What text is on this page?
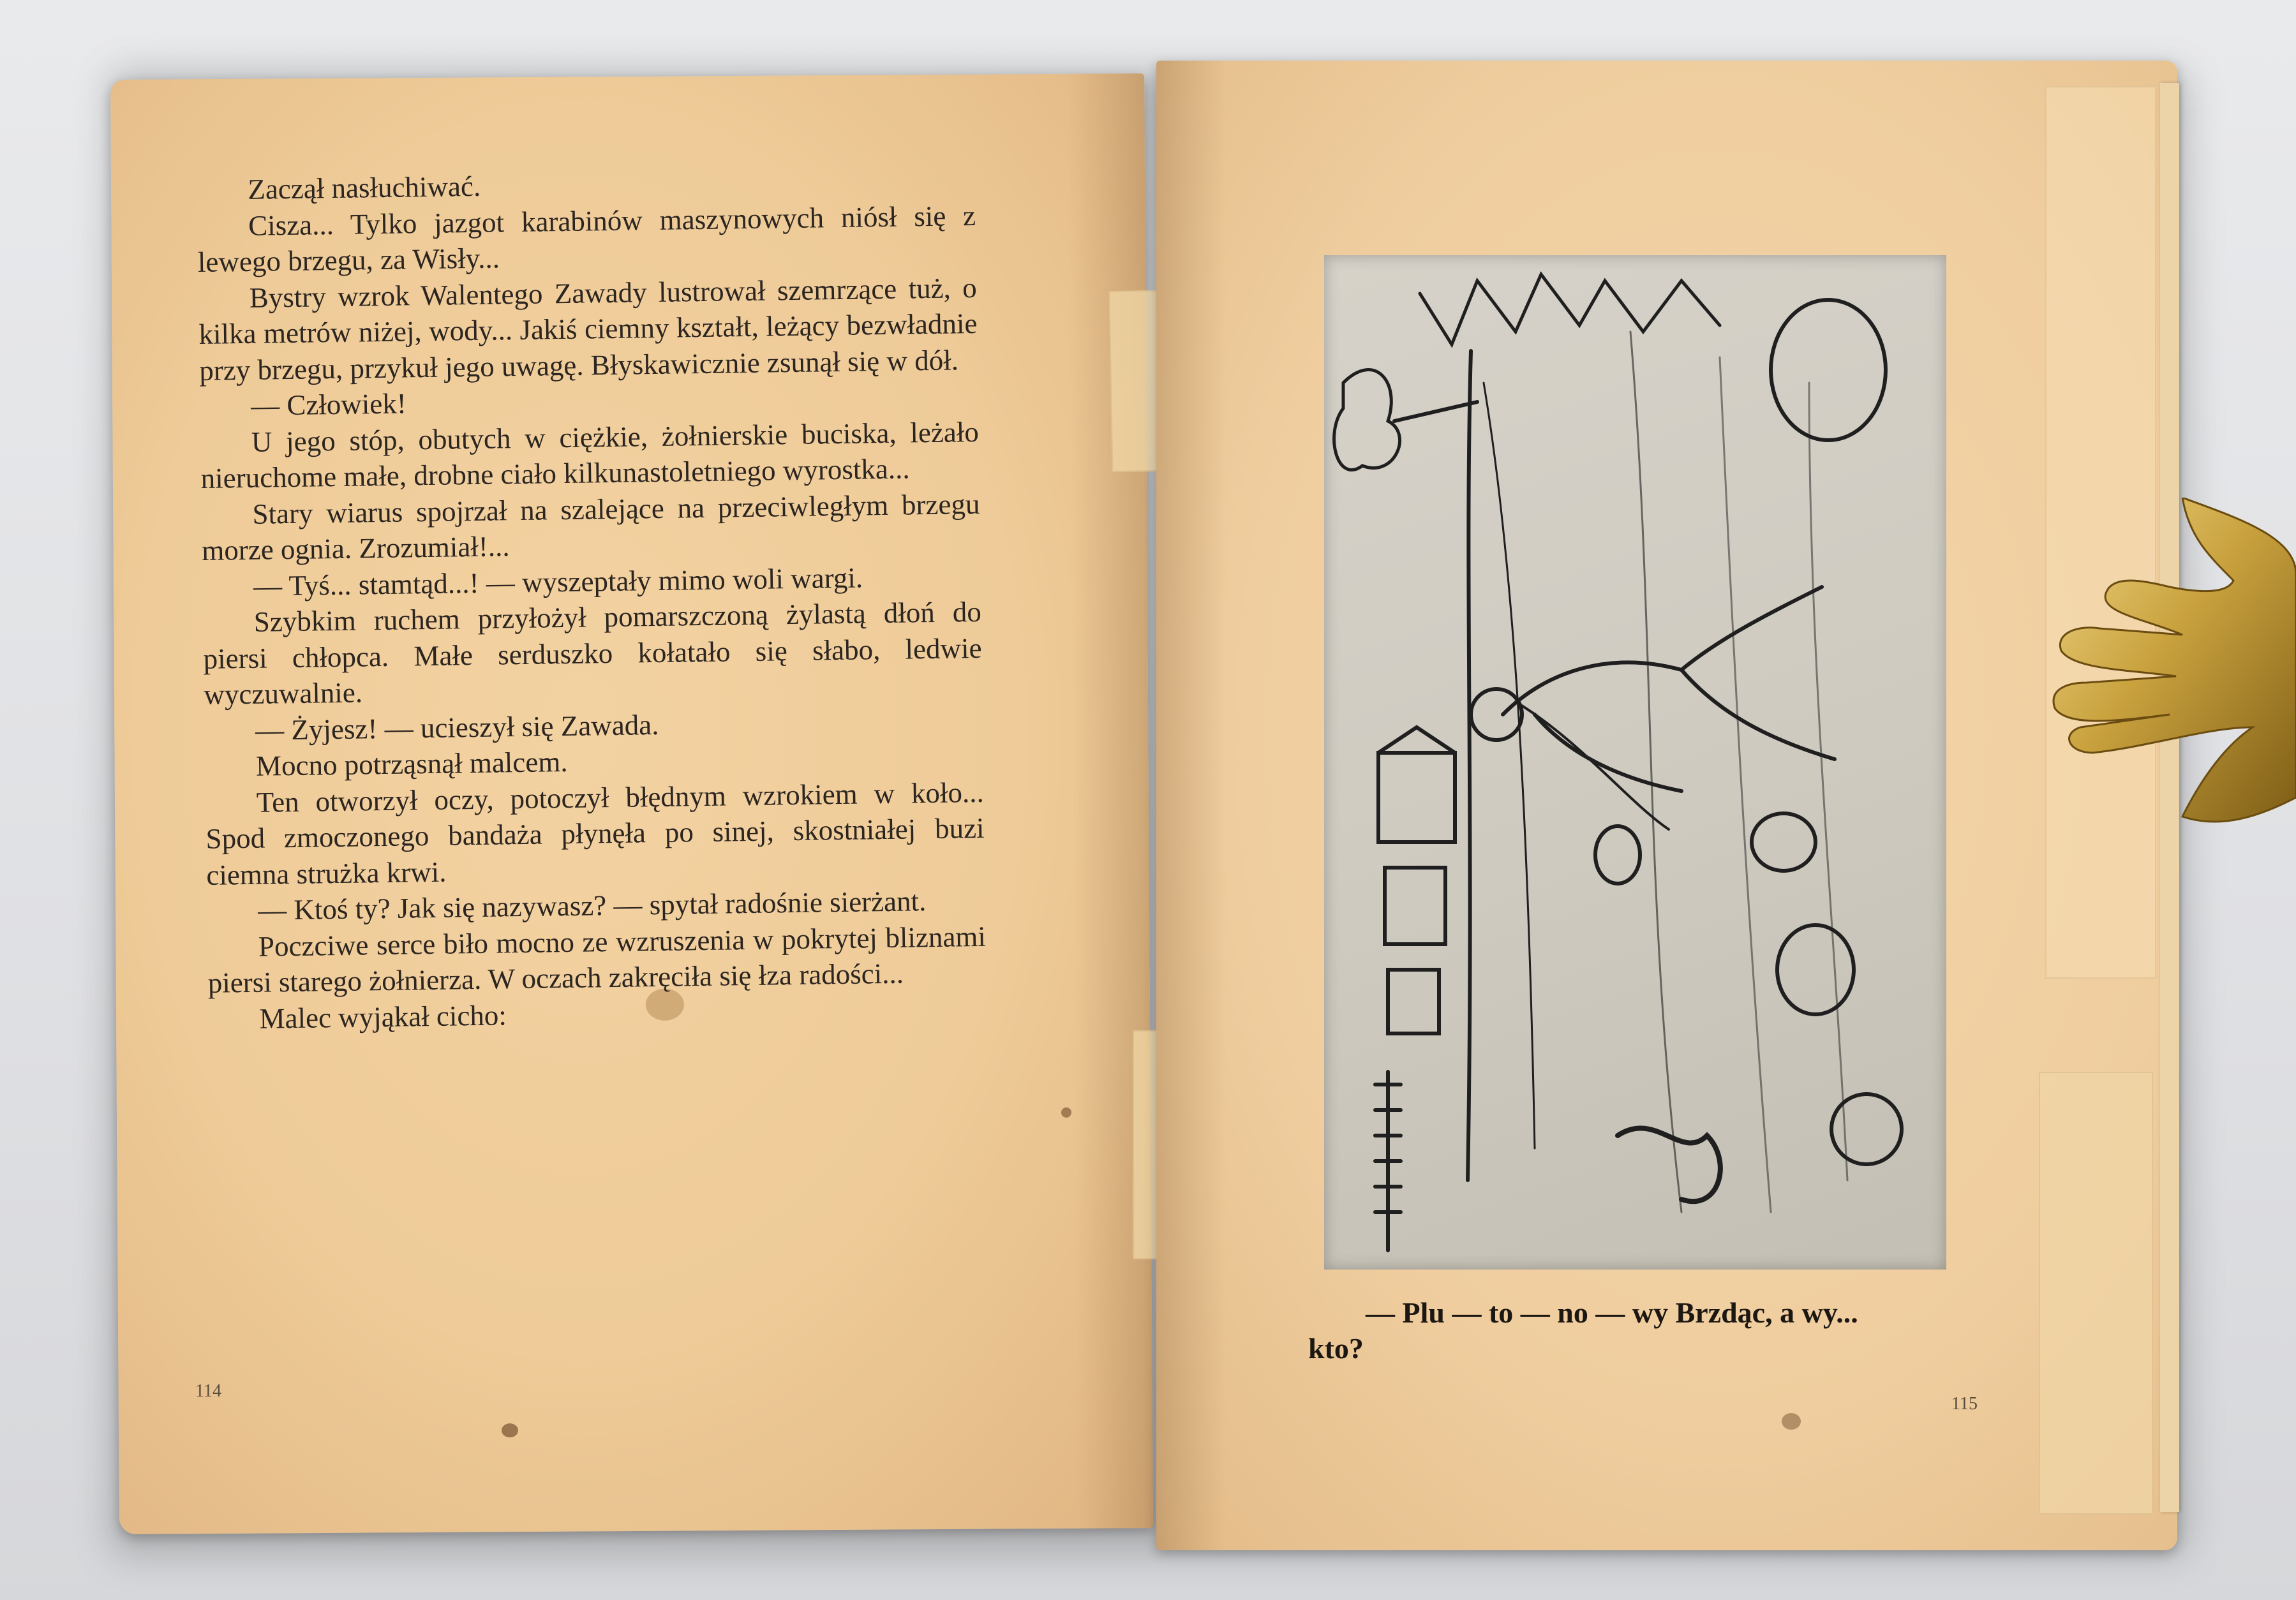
Zaczął nasłuchiwać.

Cisza... Tylko jazgot karabinów maszynowych niósł się z lewego brzegu, za Wisły...

Bystry wzrok Walentego Zawady lustrował szemrzące tuż, o kilka metrów niżej, wody... Jakiś ciemny kształt, leżący bezwładnie przy brzegu, przykuł jego uwagę. Błyskawicznie zsunął się w dół.

— Człowiek!

U jego stóp, obutych w ciężkie, żołnierskie buciska, leżało nieruchome małe, drobne ciało kilkunastoletniego wyrostka...

Stary wiarus spojrzał na szalejące na przeciwległym brzegu morze ognia. Zrozumiał!...

— Tyś... stamtąd...! — wyszeptały mimo woli wargi.

Szybkim ruchem przyłożył pomarszczoną żylastą dłoń do piersi chłopca. Małe serduszko kołatało się słabo, ledwie wyczuwalnie.

— Żyjesz! — ucieszył się Zawada.

Mocno potrząsnął malcem.

Ten otworzył oczy, potoczył błędnym wzrokiem w koło... Spod zmoczonego bandaża płynęła po sinej, skostniałej buzi ciemna strużka krwi.

— Ktoś ty? Jak się nazywasz? — spytał radośnie sierżant.

Poczciwe serce biło mocno ze wzruszenia w pokrytej bliznami piersi starego żołnierza. W oczach zakręciła się łza radości...

Malec wyjąkał cicho:

114
— Plu — to — no — wy Brzdąc, a wy...
kto?
115
